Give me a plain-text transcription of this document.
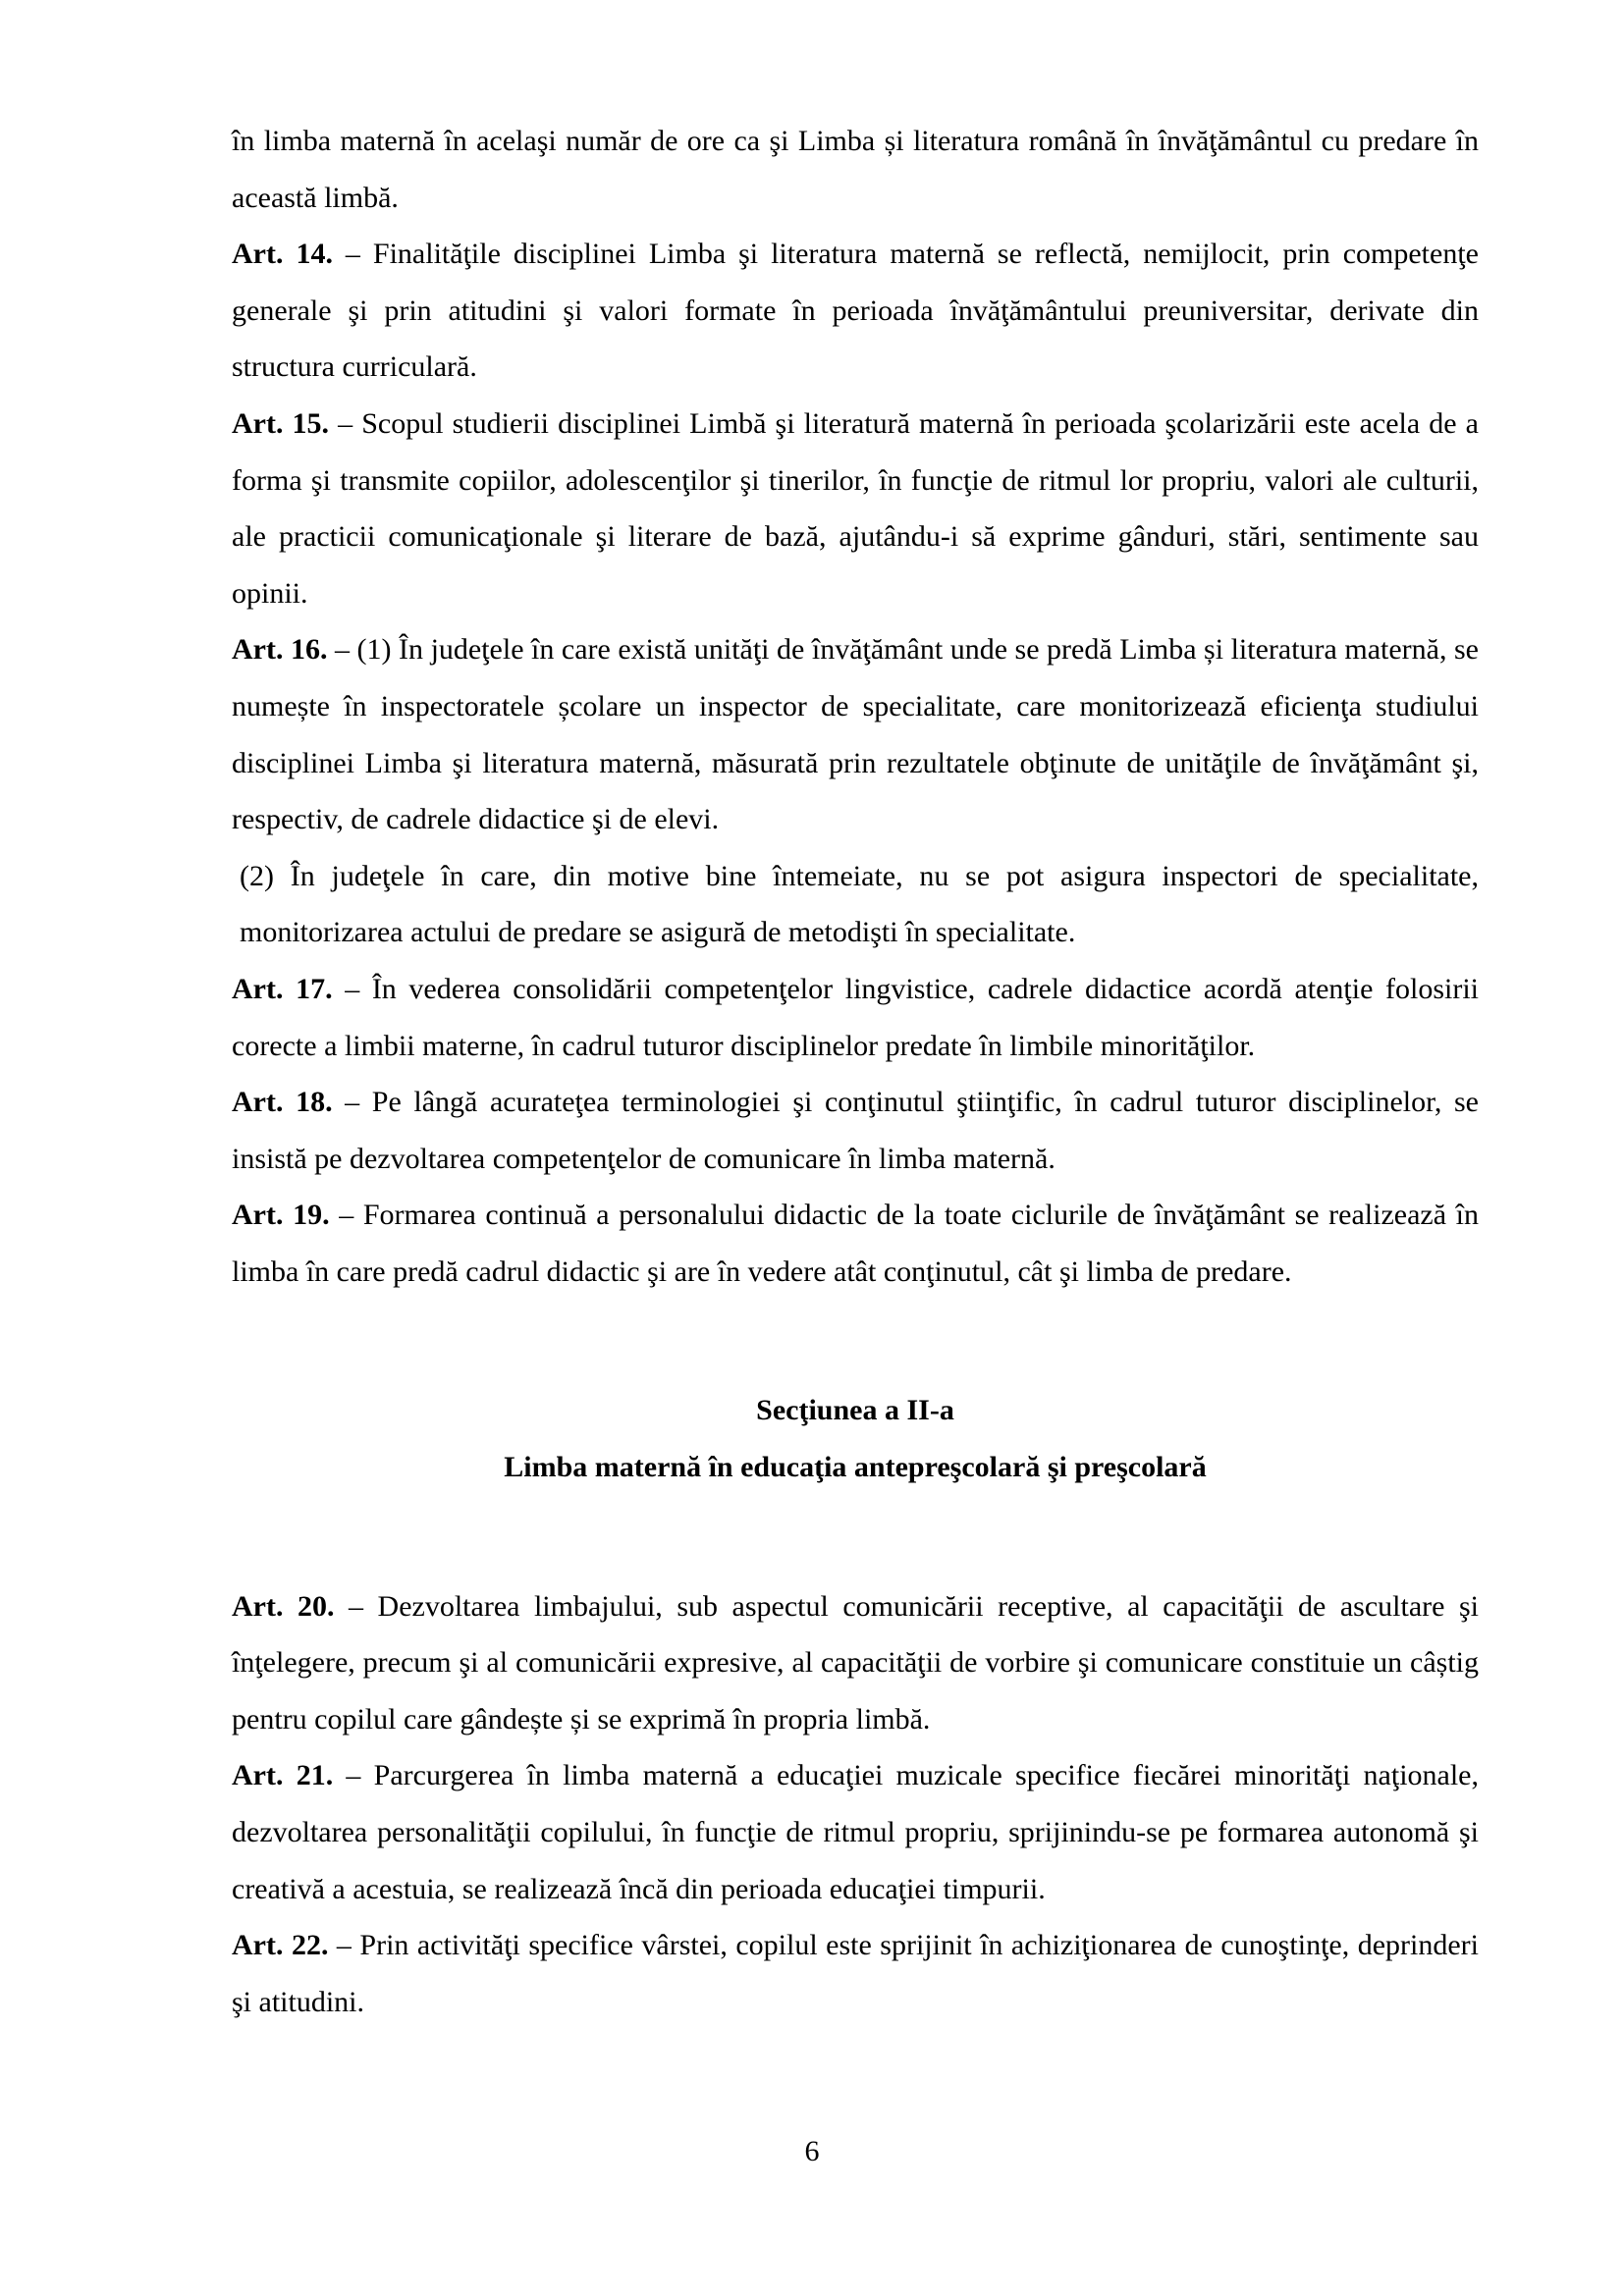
în limba maternă în acelaşi număr de ore ca şi Limba și literatura română în învăţământul cu predare în această limbă.

Art. 14. – Finalităţile disciplinei Limba şi literatura maternă se reflectă, nemijlocit, prin competenţe generale şi prin atitudini şi valori formate în perioada învăţământului preuniversitar, derivate din structura curriculară.

Art. 15. – Scopul studierii disciplinei Limbă şi literatură maternă în perioada şcolarizării este acela de a forma şi transmite copiilor, adolescenţilor şi tinerilor, în funcţie de ritmul lor propriu, valori ale culturii, ale practicii comunicaţionale şi literare de bază, ajutându-i să exprime gânduri, stări, sentimente sau opinii.

Art. 16. – (1) În judeţele în care există unităţi de învăţământ unde se predă Limba și literatura maternă, se numește în inspectoratele școlare un inspector de specialitate, care monitorizează eficienţa studiului disciplinei Limba şi literatura maternă, măsurată prin rezultatele obţinute de unităţile de învăţământ şi, respectiv, de cadrele didactice şi de elevi.

(2) În judeţele în care, din motive bine întemeiate, nu se pot asigura inspectori de specialitate, monitorizarea actului de predare se asigură de metodişti în specialitate.

Art. 17. – În vederea consolidării competenţelor lingvistice, cadrele didactice acordă atenţie folosirii corecte a limbii materne, în cadrul tuturor disciplinelor predate în limbile minorităţilor.

Art. 18. – Pe lângă acurateţea terminologiei şi conţinutul ştiinţific, în cadrul tuturor disciplinelor, se insistă pe dezvoltarea competenţelor de comunicare în limba maternă.

Art. 19. – Formarea continuă a personalului didactic de la toate ciclurile de învăţământ se realizează în limba în care predă cadrul didactic şi are în vedere atât conţinutul, cât şi limba de predare.

Secţiunea a II-a

Limba maternă în educaţia antepreşcolară şi preşcolară

Art. 20. – Dezvoltarea limbajului, sub aspectul comunicării receptive, al capacităţii de ascultare şi înţelegere, precum şi al comunicării expresive, al capacităţii de vorbire şi comunicare constituie un câștig pentru copilul care gândește și se exprimă în propria limbă.

Art. 21. – Parcurgerea în limba maternă a educaţiei muzicale specifice fiecărei minorităţi naţionale, dezvoltarea personalităţii copilului, în funcţie de ritmul propriu, sprijinindu-se pe formarea autonomă şi creativă a acestuia, se realizează încă din perioada educaţiei timpurii.

Art. 22. – Prin activităţi specifice vârstei, copilul este sprijinit în achiziţionarea de cunoştinţe, deprinderi şi atitudini.

6
